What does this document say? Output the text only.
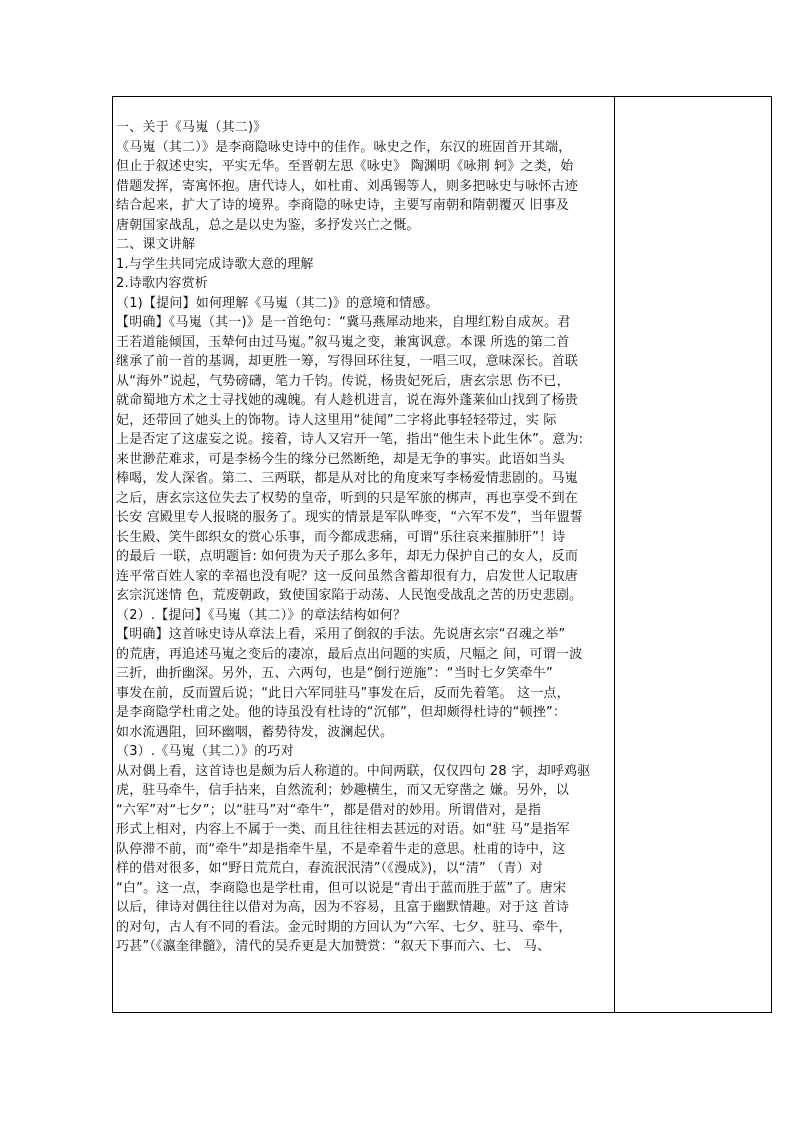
一、关于《马嵬（其二)》

《马嵬（其二）》是李商隐咏史诗中的佳作。咏史之作，东汉的班固首开其端，

但止于叙述史实，平实无华。至晋朝左思《咏史》 陶渊明《咏荆 轲》之类，始

借题发挥，寄寓怀抱。唐代诗人，如杜甫、刘禹锡等人，则多把咏史与咏怀古迹

结合起来，扩大了诗的境界。李商隐的咏史诗，主要写南朝和隋朝覆灭 旧事及

唐朝国家战乱，总之是以史为鉴，多抒发兴亡之慨。

二、课文讲解

1.与学生共同完成诗歌大意的理解

2.诗歌内容赏析

（1)【提问】如何理解《马嵬（其二)》的意境和情感。

【明确】《马嵬（其一)》是一首绝句：“冀马燕犀动地来，自埋红粉自成灰。君

王若道能倾国，玉辇何由过马嵬。”叙马嵬之变，兼寓讽意。本课 所选的第二首

继承了前一首的基调，却更胜一筹，写得回环往复，一唱三叹，意味深长。首联

从“海外”说起，气势磅礴，笔力千钧。传说，杨贵妃死后，唐玄宗思 伤不已，

就命蜀地方术之士寻找她的魂魄。有人趁机进言，说在海外蓬莱仙山找到了杨贵

妃，还带回了她头上的饰物。诗人这里用“徒闻”二字将此事轻轻带过，实 际

上是否定了这虚妄之说。接着，诗人又宕开一笔，指出“他生未卜此生休”。意为:

来世渺茫难求，可是李杨今生的缘分已然断绝，却是无争的事实。此语如当头

棒喝，发人深省。第二、三两联，都是从对比的角度来写李杨爱情悲剧的。马嵬

之后，唐玄宗这位失去了权势的皇帝，听到的只是军旅的梆声，再也享受不到在

长安 宫殿里专人报晓的服务了。现实的情景是军队哗变，“六军不发”，当年盟誓

长生殿、笑牛郎织女的赏心乐事，而今都成悲痛，可谓“乐往哀来摧肺肝”！诗

的最后 一联，点明题旨: 如何贵为天子那么多年，却无力保护自己的女人，反而

连平常百姓人家的幸福也没有呢？这一反问虽然含蓄却很有力，启发世人记取唐

玄宗沉迷情 色，荒废朝政，致使国家陷于动荡、人民饱受战乱之苦的历史悲剧。

（2）.【提问】《马嵬（其二）》的章法结构如何？

【明确】这首咏史诗从章法上看，采用了倒叙的手法。先说唐玄宗“召魂之举”

的荒唐，再追述马嵬之变后的凄凉，最后点出问题的实质，尺幅之 间，可谓一波

三折，曲折幽深。另外，五、六两句，也是“倒行逆施”：“当时七夕笑牵牛”

事发在前，反而置后说；“此日六军同驻马”事发在后，反而先着笔。 这一点，

是李商隐学杜甫之处。他的诗虽没有杜诗的“沉郁”，但却颇得杜诗的“顿挫”：

如水流遇阻，回环幽咽，蓄势待发，波澜起伏。

（3）.《马嵬（其二）》的巧对

从对偶上看，这首诗也是颇为后人称道的。中间两联，仅仅四句 28 字，却呼鸡驱

虎，驻马牵牛，信手拈来，自然流利；妙趣横生，而又无穿凿之 嫌。另外，以

“六军”对“七夕”；以“驻马”对“牵牛”，都是借对的妙用。所谓借对，是指

形式上相对，内容上不属于一类、而且往往相去甚远的对语。如“驻 马”是指军

队停滞不前，而“牵牛”却是指牵牛星，不是牵着牛走的意思。杜甫的诗中，这

样的借对很多，如“野日荒荒白，春流泯泯清”（《漫成》)，以“清” （青）对

“白”。这一点，李商隐也是学杜甫，但可以说是“青出于蓝而胜于蓝”了。唐宋

以后，律诗对偶往往以借对为高，因为不容易，且富于幽默情趣。对于这 首诗

的对句，古人有不同的看法。金元时期的方回认为“六军、七夕、驻马、牵牛，

巧甚”（《瀛奎律髓》，清代的吴乔更是大加赞赏：“叙天下事而六、七、 马、
